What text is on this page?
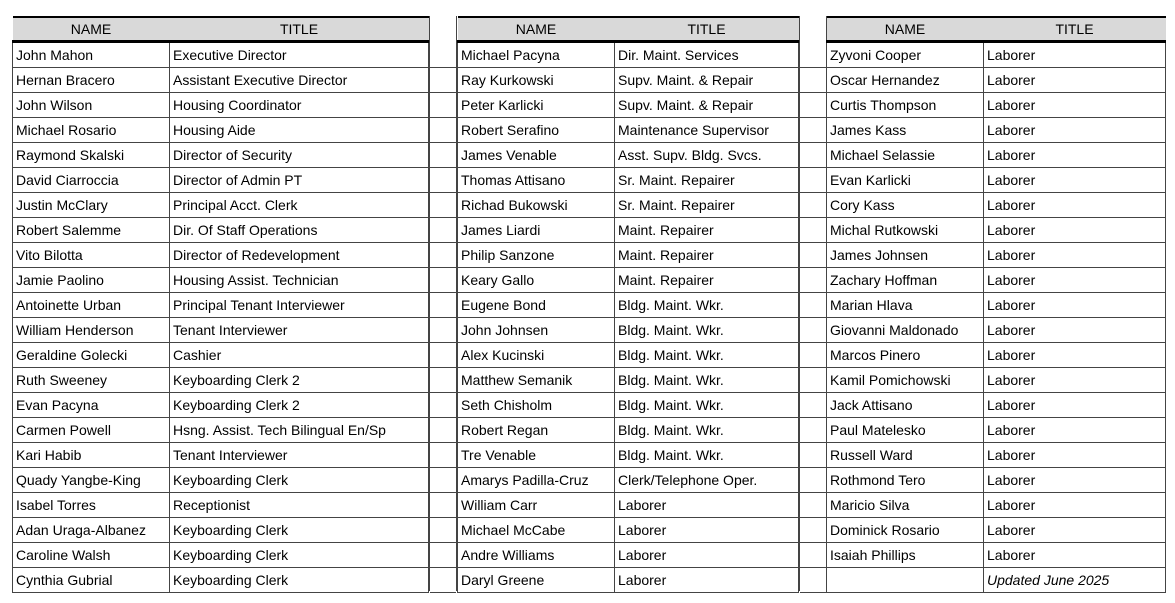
NAME	TITLE
John Mahon	Executive Director
Hernan Bracero	Assistant Executive Director
John Wilson	Housing Coordinator
Michael Rosario	Housing Aide
Raymond Skalski	Director of Security
David Ciarroccia	Director of Admin PT
Justin McClary	Principal Acct. Clerk
Robert Salemme	Dir. Of Staff Operations
Vito Bilotta	Director of Redevelopment
Jamie Paolino	Housing Assist. Technician
Antoinette Urban	Principal Tenant Interviewer
William Henderson	Tenant Interviewer
Geraldine Golecki	Cashier
Ruth Sweeney	Keyboarding Clerk 2
Evan Pacyna	Keyboarding Clerk 2
Carmen Powell	Hsng. Assist. Tech Bilingual En/Sp
Kari Habib	Tenant Interviewer
Quady Yangbe-King	Keyboarding Clerk
Isabel Torres	Receptionist
Adan Uraga-Albanez	Keyboarding Clerk
Caroline Walsh	Keyboarding Clerk
Cynthia Gubrial	Keyboarding Clerk
NAME	TITLE
Michael Pacyna	Dir. Maint. Services
Ray Kurkowski	Supv. Maint. & Repair
Peter Karlicki	Supv. Maint. & Repair
Robert Serafino	Maintenance Supervisor
James Venable	Asst. Supv. Bldg. Svcs.
Thomas Attisano	Sr. Maint. Repairer
Richad Bukowski	Sr. Maint. Repairer
James Liardi	Maint. Repairer
Philip Sanzone	Maint. Repairer
Keary Gallo	Maint. Repairer
Eugene Bond	Bldg. Maint. Wkr.
John Johnsen	Bldg. Maint. Wkr.
Alex Kucinski	Bldg. Maint. Wkr.
Matthew Semanik	Bldg. Maint. Wkr.
Seth Chisholm	Bldg. Maint. Wkr.
Robert Regan	Bldg. Maint. Wkr.
Tre Venable	Bldg. Maint. Wkr.
Amarys Padilla-Cruz	Clerk/Telephone Oper.
William Carr	Laborer
Michael McCabe	Laborer
Andre Williams	Laborer
Daryl Greene	Laborer
NAME	TITLE
Zyvoni Cooper	Laborer
Oscar Hernandez	Laborer
Curtis Thompson	Laborer
James Kass	Laborer
Michael Selassie	Laborer
Evan Karlicki	Laborer
Cory Kass	Laborer
Michal Rutkowski	Laborer
James Johnsen	Laborer
Zachary Hoffman	Laborer
Marian Hlava	Laborer
Giovanni Maldonado	Laborer
Marcos Pinero	Laborer
Kamil Pomichowski	Laborer
Jack Attisano	Laborer
Paul Matelesko	Laborer
Russell Ward	Laborer
Rothmond Tero	Laborer
Maricio Silva	Laborer
Dominick Rosario	Laborer
Isaiah Phillips	Laborer
	Updated June 2025
